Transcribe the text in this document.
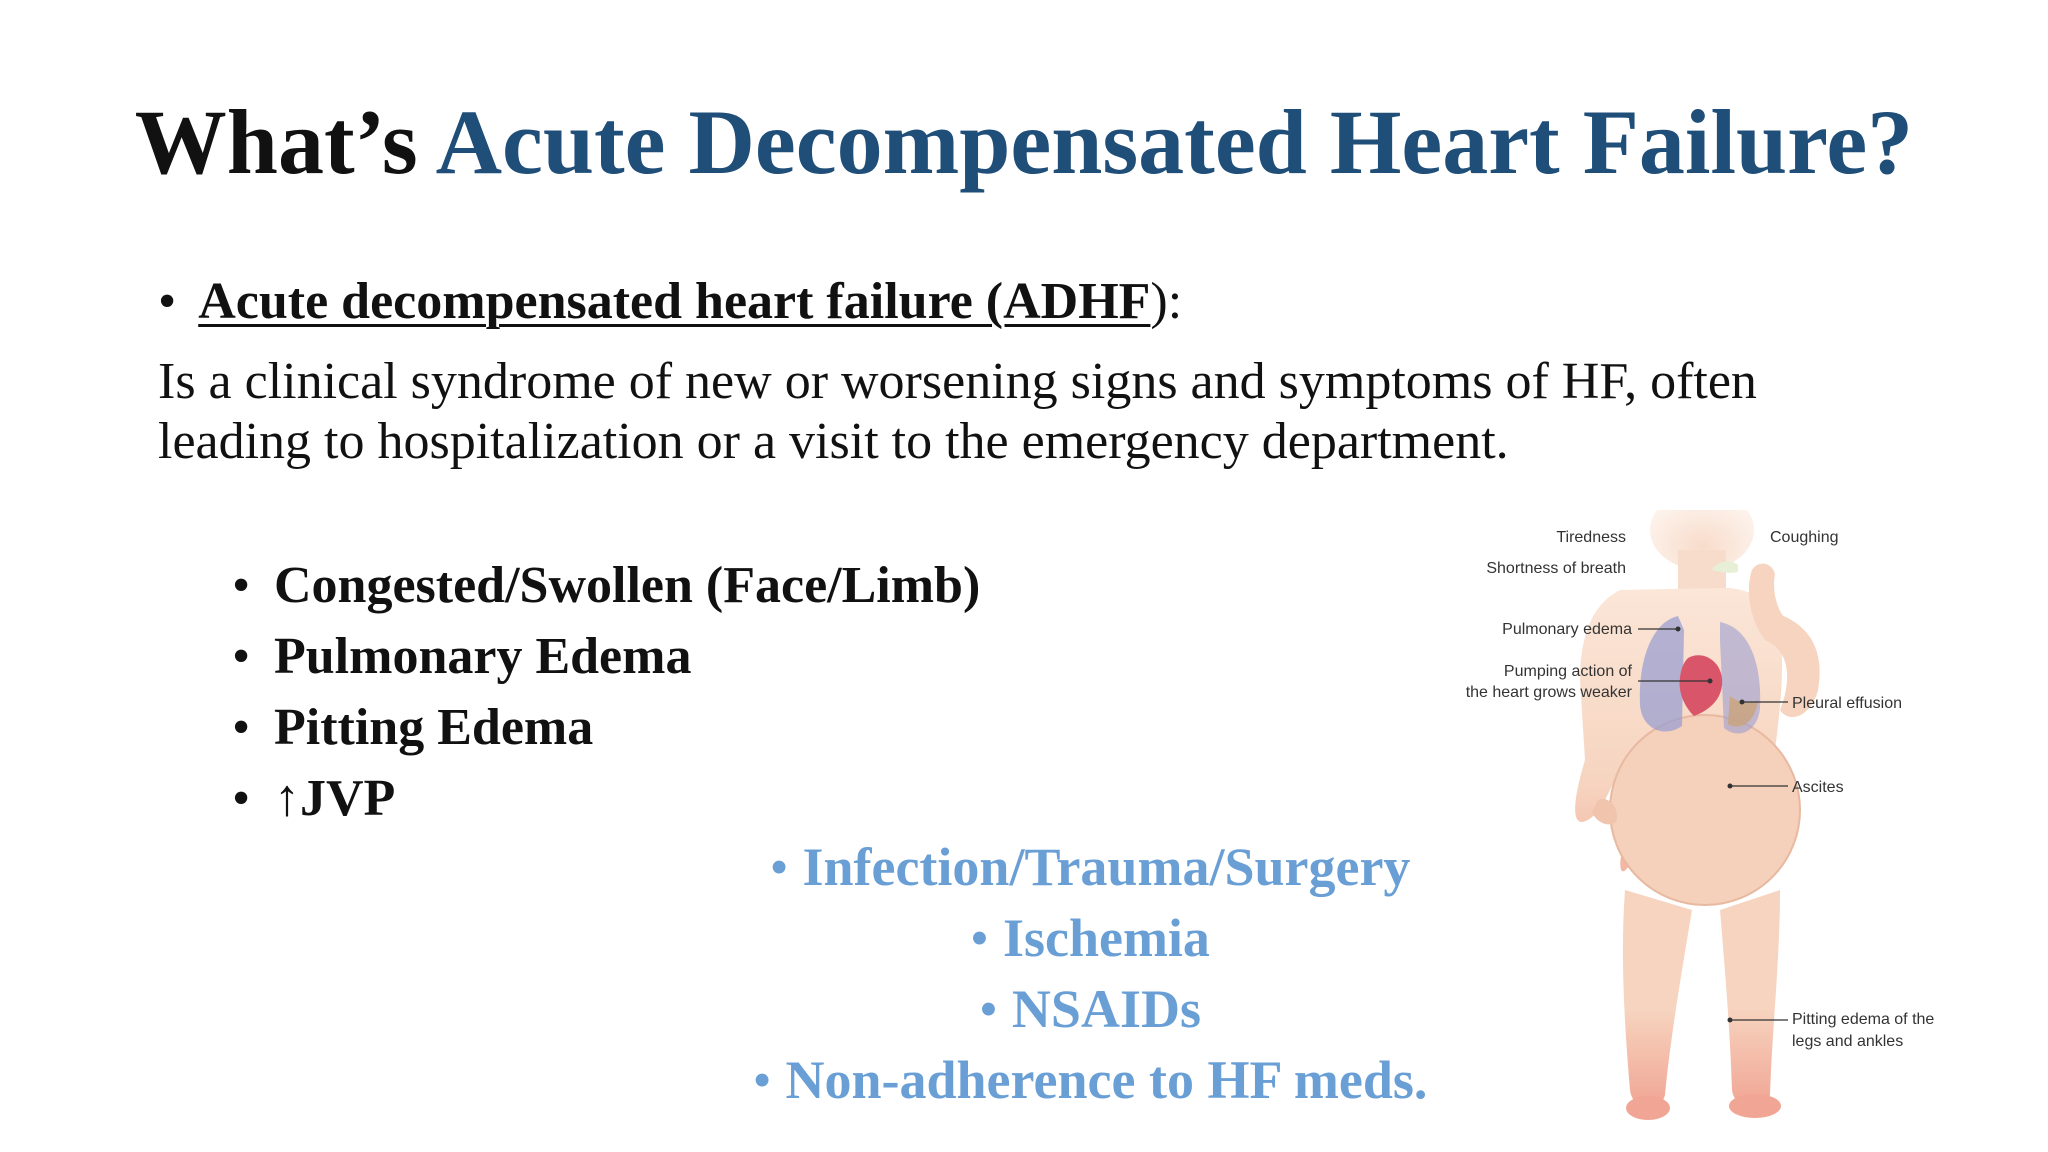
What’s Acute Decompensated Heart Failure?
• Acute decompensated heart failure (ADHF):
Is a clinical syndrome of new or worsening signs and symptoms of HF, often
leading to hospitalization or a visit to the emergency department.
• Congested/Swollen (Face/Limb)
• Pulmonary Edema
• Pitting Edema
• ↑JVP
• Infection/Trauma/Surgery
• Ischemia
• NSAIDs
• Non-adherence to HF meds.
Tiredness	Coughing
Shortness of breath
Pulmonary edema
Pumping action of
the heart grows weaker
Pleural effusion
Ascites
Pitting edema of the
legs and ankles
